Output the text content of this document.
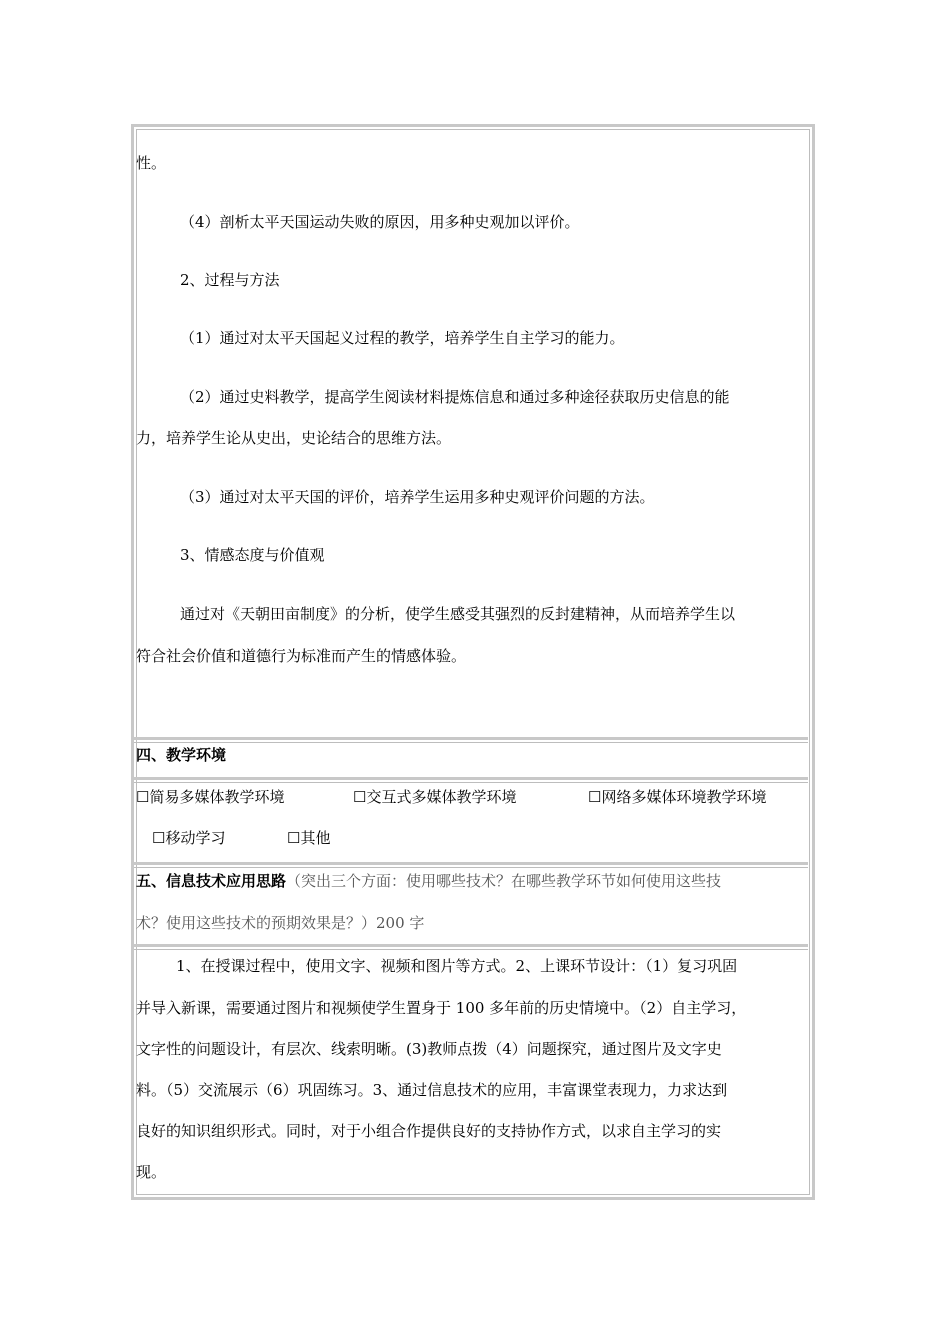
性。
（4）剖析太平天国运动失败的原因，用多种史观加以评价。
2、过程与方法
（1）通过对太平天国起义过程的教学，培养学生自主学习的能力。
（2）通过史料教学，提高学生阅读材料提炼信息和通过多种途径获取历史信息的能
力，培养学生论从史出，史论结合的思维方法。
（3）通过对太平天国的评价，培养学生运用多种史观评价问题的方法。
3、情感态度与价值观
通过对《天朝田亩制度》的分析，使学生感受其强烈的反封建精神，从而培养学生以
符合社会价值和道德行为标准而产生的情感体验。
四、教学环境
☐简易多媒体教学环境	☐交互式多媒体教学环境	☐网络多媒体环境教学环境
☐移动学习	☐其他
五、信息技术应用思路（突出三个方面：使用哪些技术？在哪些教学环节如何使用这些技
术？使用这些技术的预期效果是？）200 字
1、在授课过程中，使用文字、视频和图片等方式。2、上课环节设计：（1）复习巩固
并导入新课，需要通过图片和视频使学生置身于 100 多年前的历史情境中。（2）自主学习，
文字性的问题设计，有层次、线索明晰。(3)教师点拨（4）问题探究，通过图片及文字史
料。（5）交流展示（6）巩固练习。3、通过信息技术的应用，丰富课堂表现力，力求达到
良好的知识组织形式。同时，对于小组合作提供良好的支持协作方式，以求自主学习的实
现。
